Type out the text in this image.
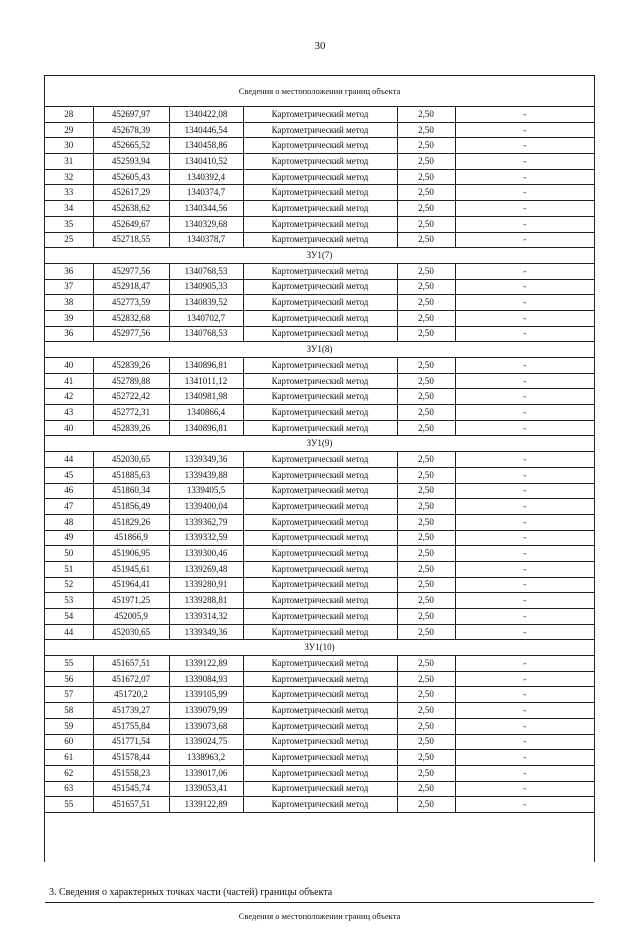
30
Сведения о местоположении границ объекта
28	452697,97	1340422,08	Картометрический метод	2,50	-
29	452678,39	1340446,54	Картометрический метод	2,50	-
30	452665,52	1340458,86	Картометрический метод	2,50	-
31	452593,94	1340410,52	Картометрический метод	2,50	-
32	452605,43	1340392,4	Картометрический метод	2,50	-
33	452617,29	1340374,7	Картометрический метод	2,50	-
34	452638,62	1340344,56	Картометрический метод	2,50	-
35	452649,67	1340329,68	Картометрический метод	2,50	-
25	452718,55	1340378,7	Картометрический метод	2,50	-
ЗУ1(7)					
36	452977,56	1340768,53	Картометрический метод	2,50	-
37	452918,47	1340905,33	Картометрический метод	2,50	-
38	452773,59	1340839,52	Картометрический метод	2,50	-
39	452832,68	1340702,7	Картометрический метод	2,50	-
36	452977,56	1340768,53	Картометрический метод	2,50	-
ЗУ1(8)					
40	452839,26	1340896,81	Картометрический метод	2,50	-
41	452789,88	1341011,12	Картометрический метод	2,50	-
42	452722,42	1340981,98	Картометрический метод	2,50	-
43	452772,31	1340866,4	Картометрический метод	2,50	-
40	452839,26	1340896,81	Картометрический метод	2,50	-
ЗУ1(9)					
44	452030,65	1339349,36	Картометрический метод	2,50	-
45	451885,63	1339439,88	Картометрический метод	2,50	-
46	451860,34	1339405,5	Картометрический метод	2,50	-
47	451856,49	1339400,04	Картометрический метод	2,50	-
48	451829,26	1339362,79	Картометрический метод	2,50	-
49	451866,9	1339332,59	Картометрический метод	2,50	-
50	451906,95	1339300,46	Картометрический метод	2,50	-
51	451945,61	1339269,48	Картометрический метод	2,50	-
52	451964,41	1339280,91	Картометрический метод	2,50	-
53	451971,25	1339288,81	Картометрический метод	2,50	-
54	452005,9	1339314,32	Картометрический метод	2,50	-
44	452030,65	1339349,36	Картометрический метод	2,50	-
ЗУ1(10)					
55	451657,51	1339122,89	Картометрический метод	2,50	-
56	451672,07	1339084,93	Картометрический метод	2,50	-
57	451720,2	1339105,99	Картометрический метод	2,50	-
58	451739,27	1339079,99	Картометрический метод	2,50	-
59	451755,84	1339073,68	Картометрический метод	2,50	-
60	451771,54	1339024,75	Картометрический метод	2,50	-
61	451578,44	1338963,2	Картометрический метод	2,50	-
62	451558,23	1339017,06	Картометрический метод	2,50	-
63	451545,74	1339053,41	Картометрический метод	2,50	-
55	451657,51	1339122,89	Картометрический метод	2,50	-
3. Сведения о характерных точках части (частей) границы объекта
Сведения о местоположении границ объекта
